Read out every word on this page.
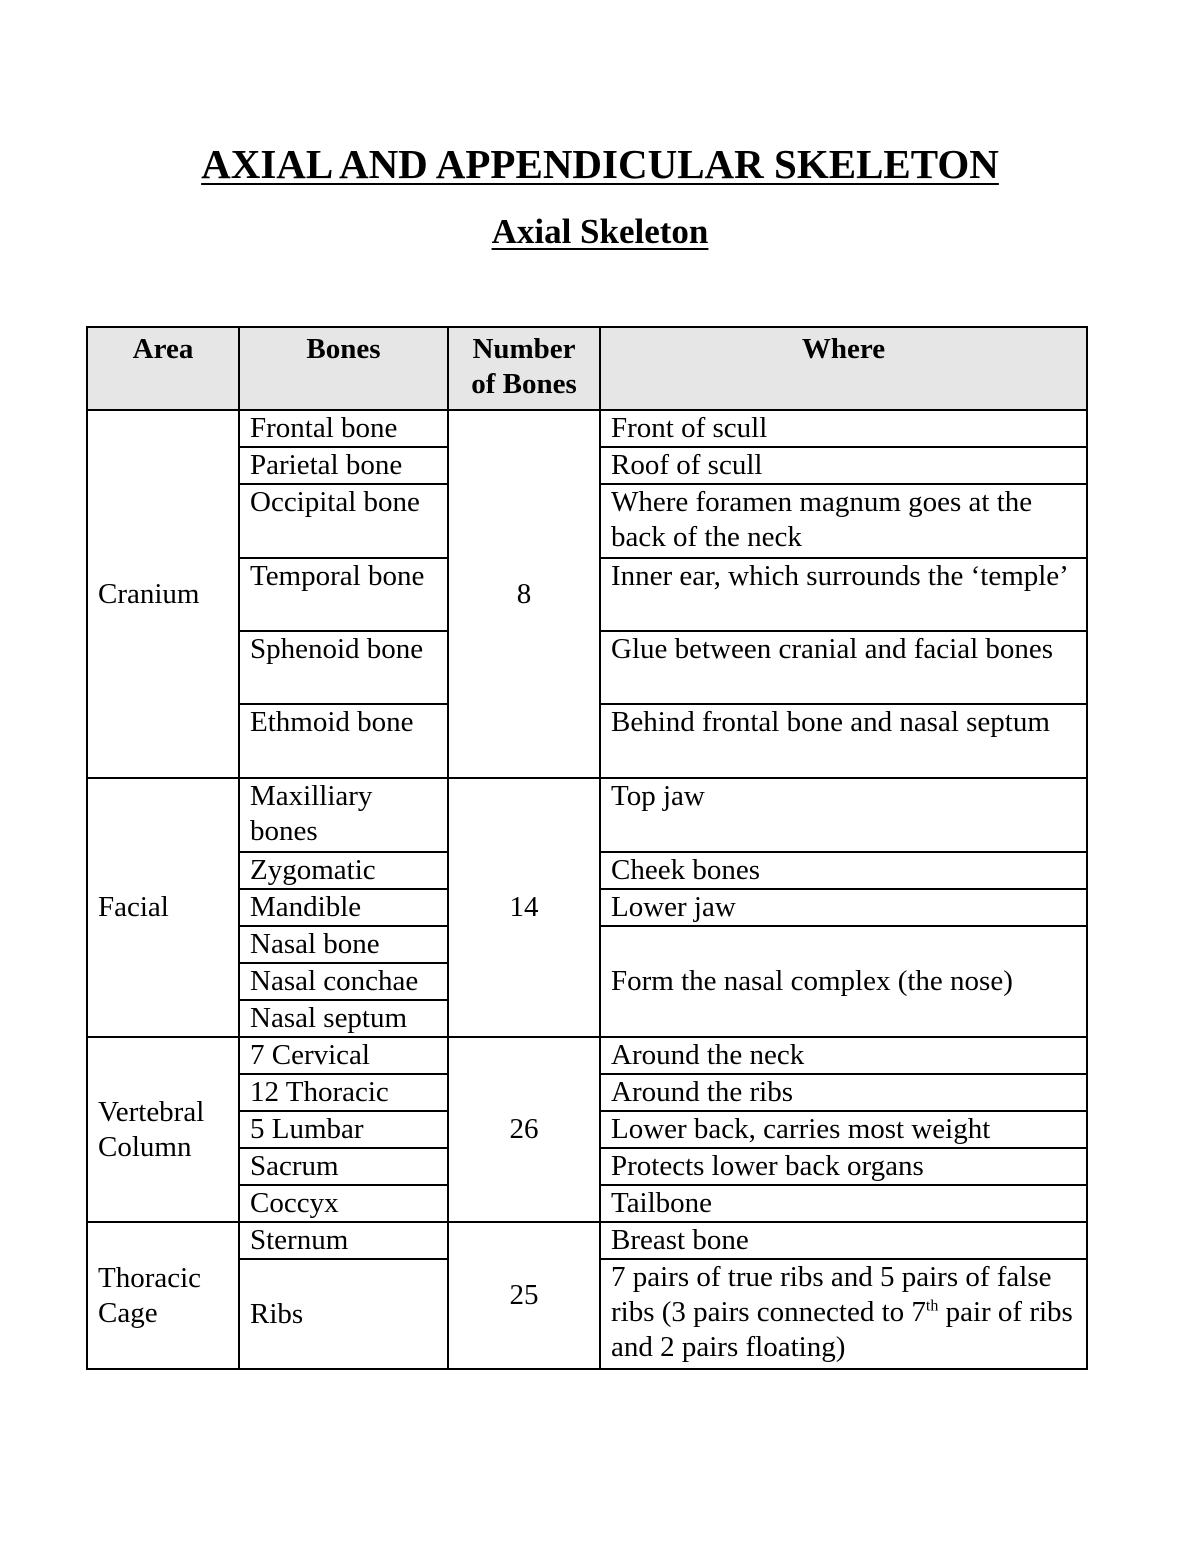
AXIAL AND APPENDICULAR SKELETON
Axial Skeleton
Area	Bones	Number of Bones	Where
Cranium	Frontal bone	8	Front of scull
	Parietal bone		Roof of scull
	Occipital bone		Where foramen magnum goes at the back of the neck
	Temporal bone		Inner ear, which surrounds the ‘temple’
	Sphenoid bone		Glue between cranial and facial bones
	Ethmoid bone		Behind frontal bone and nasal septum
Facial	Maxilliary bones	14	Top jaw
	Zygomatic		Cheek bones
	Mandible		Lower jaw
	Nasal bone		Form the nasal complex (the nose)
	Nasal conchae		
	Nasal septum		
Vertebral Column	7 Cervical	26	Around the neck
	12 Thoracic		Around the ribs
	5 Lumbar		Lower back, carries most weight
	Sacrum		Protects lower back organs
	Coccyx		Tailbone
Thoracic Cage	Sternum	25	Breast bone
	Ribs		7 pairs of true ribs and 5 pairs of false ribs (3 pairs connected to 7th pair of ribs and 2 pairs floating)
